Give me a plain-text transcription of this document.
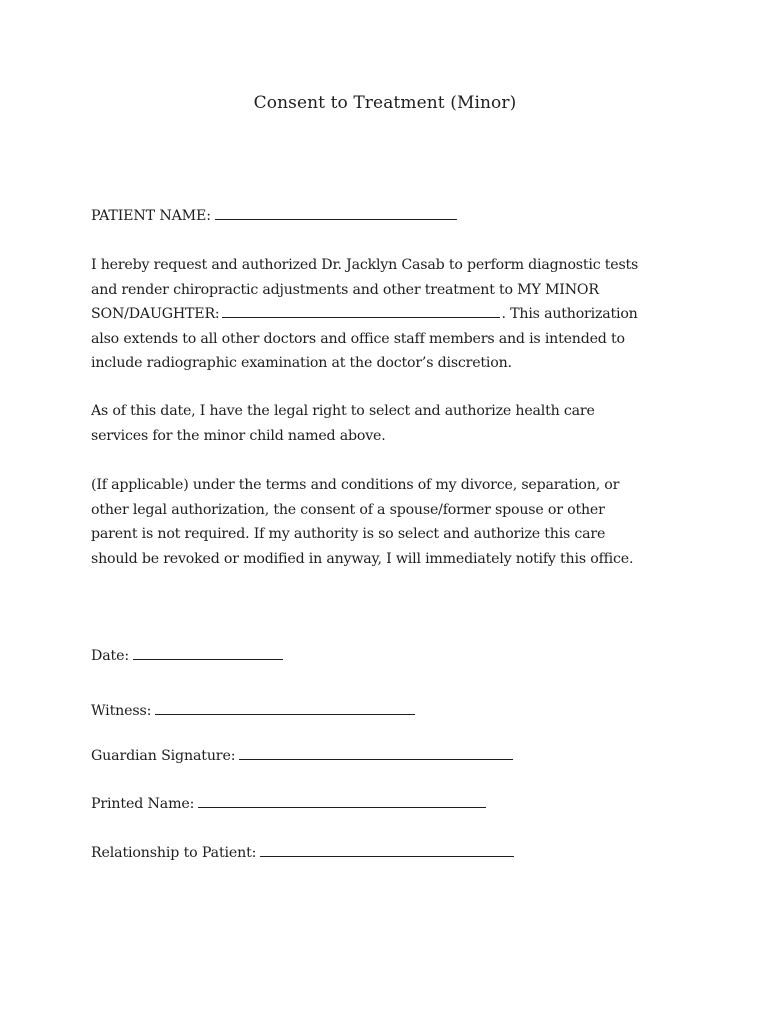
Consent to Treatment (Minor)
PATIENT NAME:
I hereby request and authorized Dr. Jacklyn Casab to perform diagnostic tests
and render chiropractic adjustments and other treatment to MY MINOR
SON/DAUGHTER:	. This authorization
also extends to all other doctors and office staff members and is intended to
include radiographic examination at the doctor’s discretion.
As of this date, I have the legal right to select and authorize health care
services for the minor child named above.
(If applicable) under the terms and conditions of my divorce, separation, or
other legal authorization, the consent of a spouse/former spouse or other
parent is not required. If my authority is so select and authorize this care
should be revoked or modified in anyway, I will immediately notify this office.
Date:
Witness:
Guardian Signature:
Printed Name:
Relationship to Patient:
